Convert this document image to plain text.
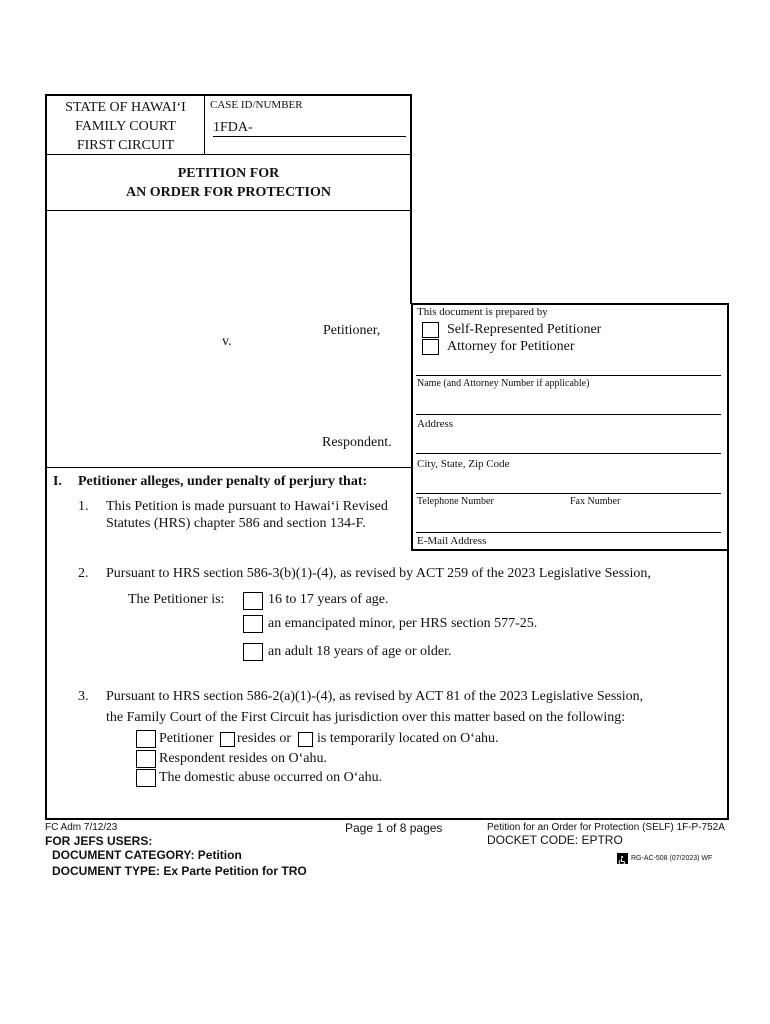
STATE OF HAWAIʻI
FAMILY COURT
FIRST CIRCUIT
CASE ID/NUMBER
1FDA-
PETITION FOR
AN ORDER FOR PROTECTION
Petitioner,
v.
Respondent.
This document is prepared by
Self-Represented Petitioner
Attorney for Petitioner
Name (and Attorney Number if applicable)
Address
City, State, Zip Code
Telephone Number	Fax Number
E-Mail Address
I. Petitioner alleges, under penalty of perjury that:
1. This Petition is made pursuant to Hawaiʻi Revised
Statutes (HRS) chapter 586 and section 134-F.
2. Pursuant to HRS section 586-3(b)(1)-(4), as revised by ACT 259 of the 2023 Legislative Session,
The Petitioner is:	16 to 17 years of age.
an emancipated minor, per HRS section 577-25.
an adult 18 years of age or older.
3. Pursuant to HRS section 586-2(a)(1)-(4), as revised by ACT 81 of the 2023 Legislative Session,
the Family Court of the First Circuit has jurisdiction over this matter based on the following:
Petitioner resides or is temporarily located on Oʻahu.
Respondent resides on Oʻahu.
The domestic abuse occurred on Oʻahu.
FC Adm 7/12/23	Page 1 of 8 pages	Petition for an Order for Protection (SELF) 1F-P-752A
FOR JEFS USERS:	DOCKET CODE: EPTRO
DOCUMENT CATEGORY: Petition
DOCUMENT TYPE: Ex Parte Petition for TRO
RG-AC-508 (07/2023) WF
